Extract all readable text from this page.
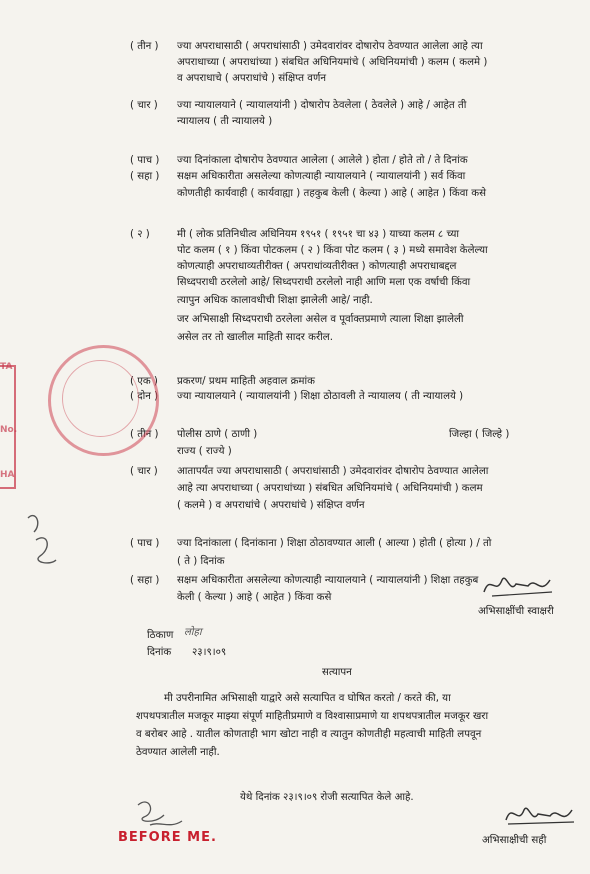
( तीन ) ज्या अपराधासाठी ( अपराधांसाठी ) उमेदवारांवर दोषारोप ठेवण्यात आलेला आहे त्या
अपराधाच्या ( अपराधांच्या ) संबधित अधिनियमांचे ( अधिनियमांची ) कलम ( कलमे )
व अपराधाचे ( अपराधांचे ) संक्षिप्त वर्णन
( चार ) ज्या न्यायालयाने ( न्यायालयांनी ) दोषारोप ठेवलेला ( ठेवलेले ) आहे / आहेत ती
न्यायालय ( ती न्यायालये )
( पाच ) ज्या दिनांकाला दोषारोप ठेवण्यात आलेला ( आलेले ) होता / होते तो / ते दिनांक
( सहा ) सक्षम अधिकारीता असलेल्या कोणत्याही न्यायालयाने ( न्यायालयांनी ) सर्व किंवा
कोणतीही कार्यवाही ( कार्यवाह्या ) तहकुब केली ( केल्या ) आहे ( आहेत ) किंवा कसे
( २ )	मी ( लोक प्रतिनिधीत्व अधिनियम १९५१ ( १९५१ चा ४३ ) याच्या कलम ८ च्या
पोट कलम ( १ ) किंवा पोटकलम ( २ ) किंवा पोट कलम ( ३ ) मध्ये समावेश केलेल्या
कोणत्याही अपराधाव्यतीरीक्त ( अपराधांव्यतीरीक्त ) कोणत्याही अपराधाबद्दल
सिध्दपराधी ठरलेलो आहे/ सिध्दपराधी ठरलेलो नाही आणि मला एक वर्षाची किंवा
त्यापुन अधिक कालावधीची शिक्षा झालेली आहे/ नाही.
जर अभिसाक्षी सिध्दपराधी ठरलेला असेल व पूर्वाक्तप्रमाणे त्याला शिक्षा झालेली
असेल तर तो खालील माहिती सादर करील.
( एक ) प्रकरण/ प्रथम माहिती अहवाल क्रमांक
( दोन ) ज्या न्यायालयाने ( न्यायालयांनी ) शिक्षा ठोठावली ते न्यायालय ( ती न्यायालये )
( तीन ) पोलीस ठाणे ( ठाणी )
राज्य ( राज्ये )
( चार ) आतापर्यंत ज्या अपराधासाठी ( अपराधांसाठी ) उमेदवारांवर दोषारोप ठेवण्यात आलेला
आहे त्या अपराधाच्या ( अपराधांच्या ) संबधित अधिनियमांचे ( अधिनियमांची ) कलम
( कलमे ) व अपराधांचे ( अपराधांचे ) संक्षिप्त वर्णन
( पाच ) ज्या दिनांकाला ( दिनांकाना ) शिक्षा ठोठावण्यात आली ( आल्या ) होती ( होत्या ) / तो
( ते ) दिनांक
( सहा ) सक्षम अधिकारीता असलेल्या कोणत्याही न्यायालयाने ( न्यायालयांनी ) शिक्षा तहकुब
केली ( केल्या ) आहे ( आहेत ) किंवा कसे
जिल्हा ( जिल्हे )
TA
HA
No.
अभिसाक्षींची स्वाक्षरी
ठिकाण लोहा
दिनांक २३।९।०९
सत्यापन
मी उपरीनामित अभिसाक्षी याद्वारे असे सत्यापित व घोषित करतो / करते की, या
शपथपत्रातील मजकूर माझ्या संपूर्ण माहितीप्रमाणे व विश्वासाप्रमाणे या शपथपत्रातील मजकूर खरा
व बरोबर आहे . यातील कोणताही भाग खोटा नाही व त्यातुन कोणतीही महत्वाची माहिती लपवून
ठेवण्यात आलेली नाही.
येथे दिनांक २३।९।०९ रोजी सत्यापित केले आहे.
BEFORE ME.	अभिसाक्षीची सही
